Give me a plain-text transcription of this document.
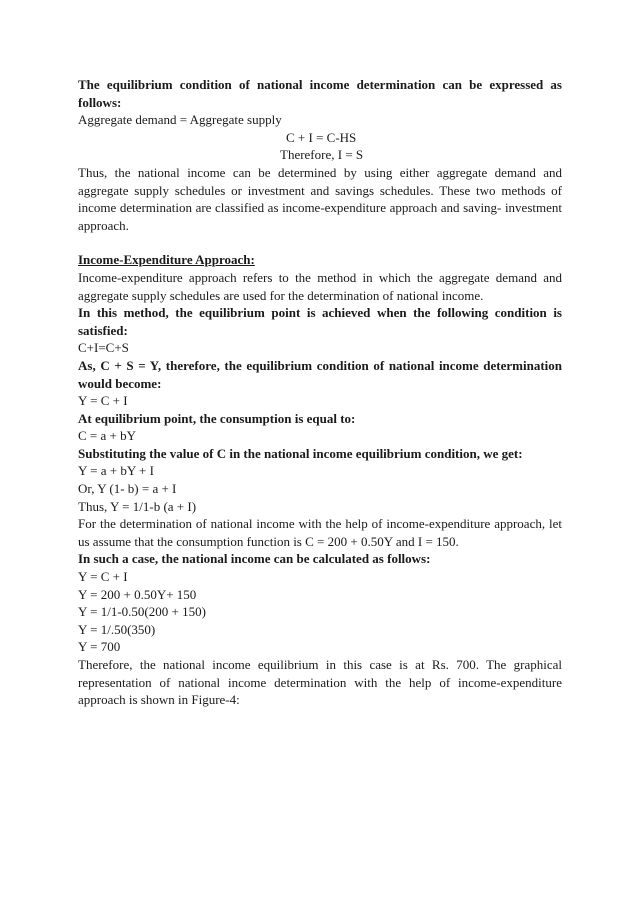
The equilibrium condition of national income determination can be expressed as follows:

Aggregate demand = Aggregate supply

C + I = C-HS

Therefore, I = S

Thus, the national income can be determined by using either aggregate demand and aggregate supply schedules or investment and savings schedules. These two methods of income determination are classified as income-expenditure approach and saving- investment approach.

Income-Expenditure Approach:

Income-expenditure approach refers to the method in which the aggregate demand and aggregate supply schedules are used for the determination of national income.

In this method, the equilibrium point is achieved when the following condition is satisfied:

C+I=C+S

As, C + S = Y, therefore, the equilibrium condition of national income determination would become:

Y = C + I

At equilibrium point, the consumption is equal to:

C = a + bY

Substituting the value of C in the national income equilibrium condition, we get:

Y = a + bY + I

Or, Y (1- b) = a + I

Thus, Y = 1/1-b (a + I)

For the determination of national income with the help of income-expenditure approach, let us assume that the consumption function is C = 200 + 0.50Y and I = 150.

In such a case, the national income can be calculated as follows:

Y = C + I

Y = 200 + 0.50Y+ 150

Y = 1/1-0.50(200 + 150)

Y = 1/.50(350)

Y = 700

Therefore, the national income equilibrium in this case is at Rs. 700. The graphical representation of national income determination with the help of income-expenditure approach is shown in Figure-4:
